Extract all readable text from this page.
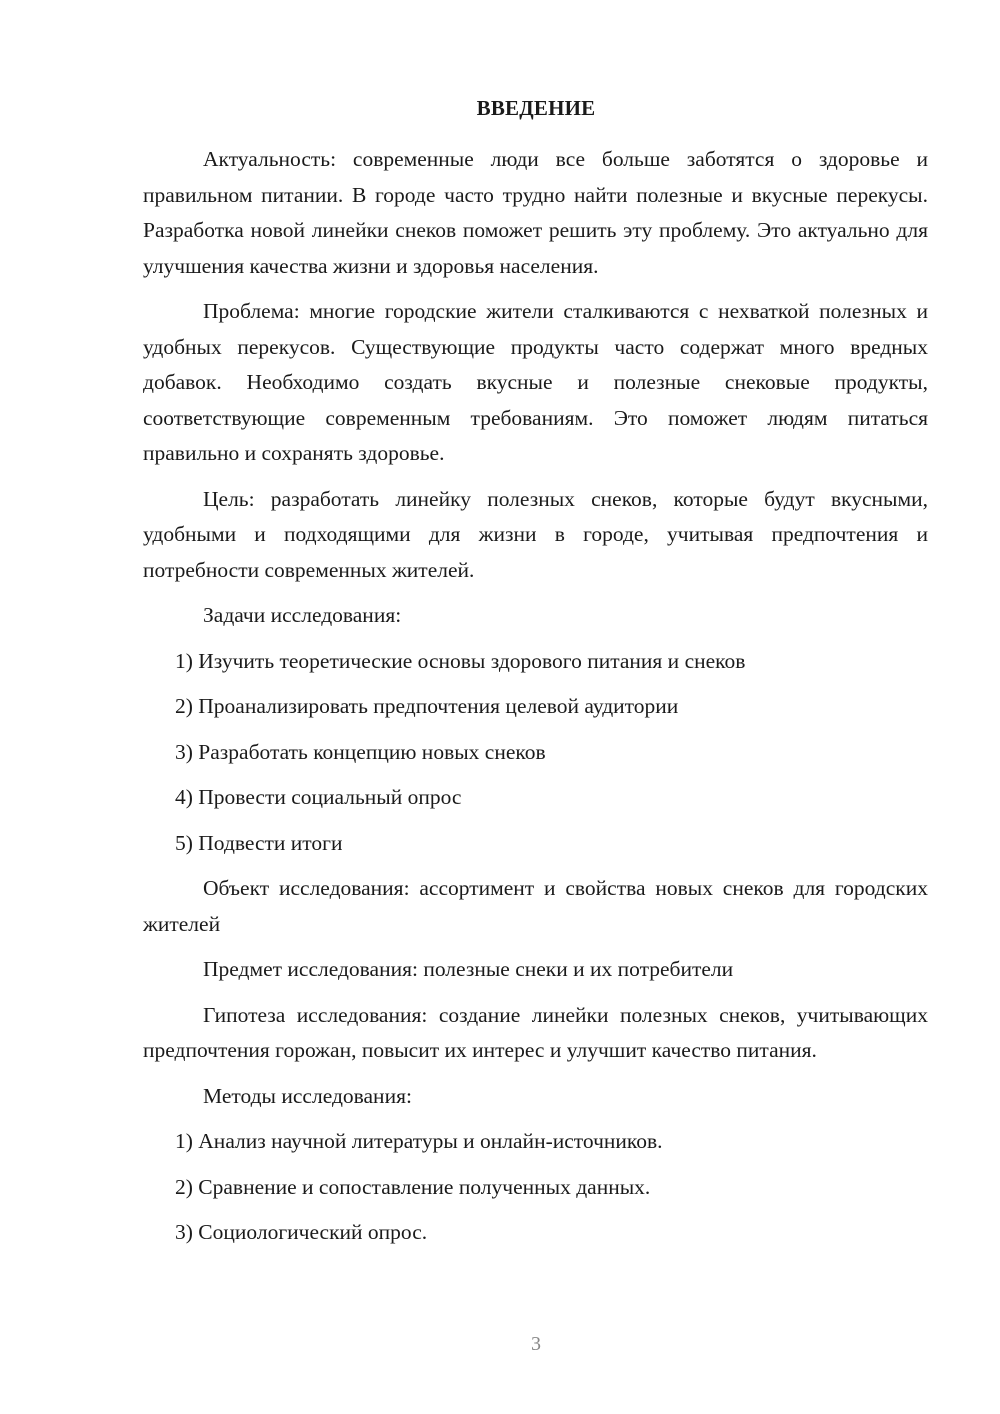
ВВЕДЕНИЕ

Актуальность: современные люди все больше заботятся о здоровье и правильном питании. В городе часто трудно найти полезные и вкусные перекусы. Разработка новой линейки снеков поможет решить эту проблему. Это актуально для улучшения качества жизни и здоровья населения.

Проблема: многие городские жители сталкиваются с нехваткой полезных и удобных перекусов. Существующие продукты часто содержат много вредных добавок. Необходимо создать вкусные и полезные снековые продукты, соответствующие современным требованиям. Это поможет людям питаться правильно и сохранять здоровье.

Цель: разработать линейку полезных снеков, которые будут вкусными, удобными и подходящими для жизни в городе, учитывая предпочтения и потребности современных жителей.

Задачи исследования:

1) Изучить теоретические основы здорового питания и снеков

2) Проанализировать предпочтения целевой аудитории

3) Разработать концепцию новых снеков

4) Провести социальный опрос

5) Подвести итоги

Объект исследования: ассортимент и свойства новых снеков для городских жителей

Предмет исследования: полезные снеки и их потребители

Гипотеза исследования: создание линейки полезных снеков, учитывающих предпочтения горожан, повысит их интерес и улучшит качество питания.

Методы исследования:

1) Анализ научной литературы и онлайн-источников.

2) Сравнение и сопоставление полученных данных.

3) Социологический опрос.

3
